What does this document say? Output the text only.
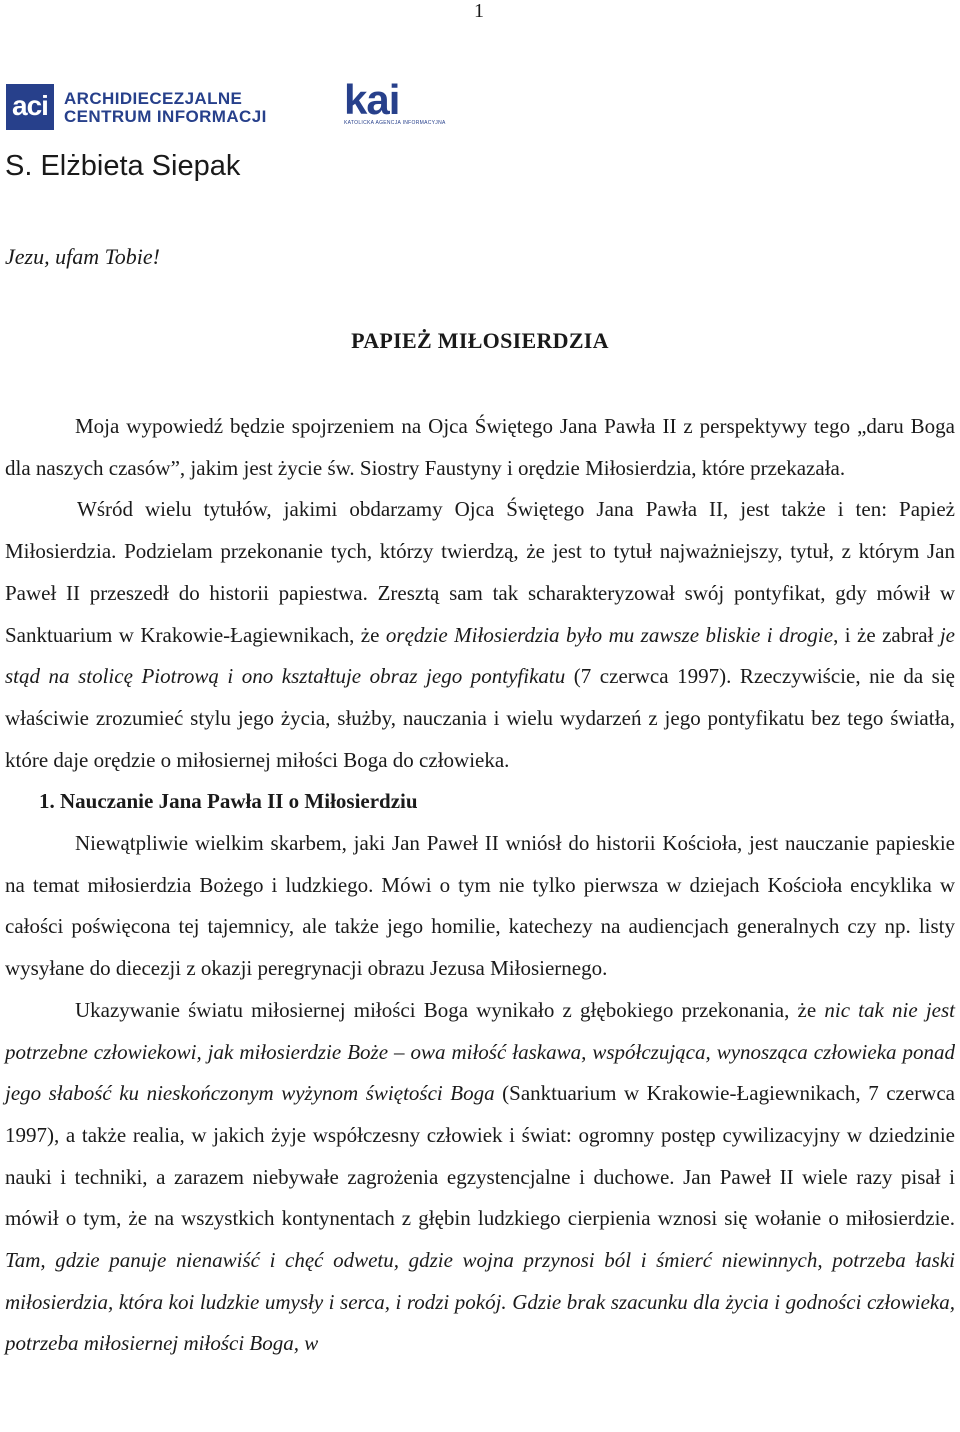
1
aci ARCHIDIECEZJALNE
CENTRUM INFORMACJI	kai
KATOLICKA AGENCJA INFORMACYJNA
S. Elżbieta Siepak
Jezu, ufam Tobie!
PAPIEŻ MIŁOSIERDZIA

Moja wypowiedź będzie spojrzeniem na Ojca Świętego Jana Pawła II z perspektywy tego „daru Boga dla naszych czasów”, jakim jest życie św. Siostry Faustyny i orędzie Miłosierdzia, które przekazała.

Wśród wielu tytułów, jakimi obdarzamy Ojca Świętego Jana Pawła II, jest także i ten: Papież Miłosierdzia. Podzielam przekonanie tych, którzy twierdzą, że jest to tytuł najważniejszy, tytuł, z którym Jan Paweł II przeszedł do historii papiestwa. Zresztą sam tak scharakteryzował swój pontyfikat, gdy mówił w Sanktuarium w Krakowie-Łagiewnikach, że orędzie Miłosierdzia było mu zawsze bliskie i drogie, i że zabrał je stąd na stolicę Piotrową i ono kształtuje obraz jego pontyfikatu (7 czerwca 1997). Rzeczywiście, nie da się właściwie zrozumieć stylu jego życia, służby, nauczania i wielu wydarzeń z jego pontyfikatu bez tego światła, które daje orędzie o miłosiernej miłości Boga do człowieka.

1. Nauczanie Jana Pawła II o Miłosierdziu

Niewątpliwie wielkim skarbem, jaki Jan Paweł II wniósł do historii Kościoła, jest nauczanie papieskie na temat miłosierdzia Bożego i ludzkiego. Mówi o tym nie tylko pierwsza w dziejach Kościoła encyklika w całości poświęcona tej tajemnicy, ale także jego homilie, katechezy na audiencjach generalnych czy np. listy wysyłane do diecezji z okazji peregrynacji obrazu Jezusa Miłosiernego.

Ukazywanie światu miłosiernej miłości Boga wynikało z głębokiego przekonania, że nic tak nie jest potrzebne człowiekowi, jak miłosierdzie Boże – owa miłość łaskawa, współczująca, wynosząca człowieka ponad jego słabość ku nieskończonym wyżynom świętości Boga (Sanktuarium w Krakowie-Łagiewnikach, 7 czerwca 1997), a także realia, w jakich żyje współczesny człowiek i świat: ogromny postęp cywilizacyjny w dziedzinie nauki i techniki, a zarazem niebywałe zagrożenia egzystencjalne i duchowe. Jan Paweł II wiele razy pisał i mówił o tym, że na wszystkich kontynentach z głębin ludzkiego cierpienia wznosi się wołanie o miłosierdzie. Tam, gdzie panuje nienawiść i chęć odwetu, gdzie wojna przynosi ból i śmierć niewinnych, potrzeba łaski miłosierdzia, która koi ludzkie umysły i serca, i rodzi pokój. Gdzie brak szacunku dla życia i godności człowieka, potrzeba miłosiernej miłości Boga, w
